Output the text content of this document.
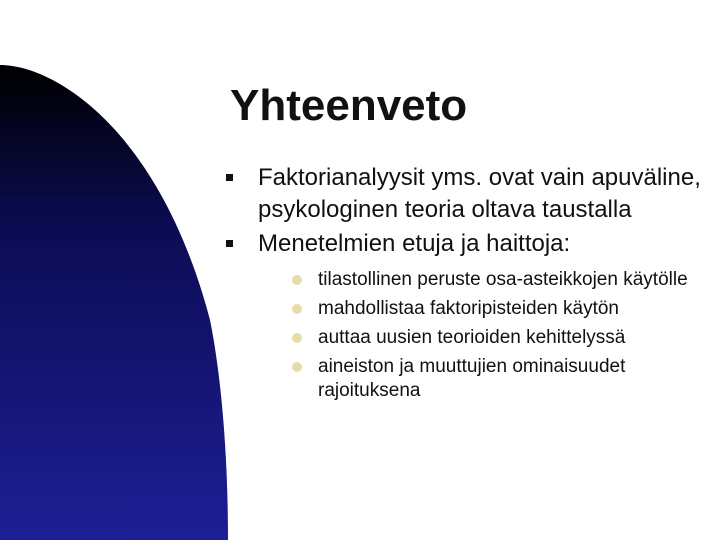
Yhteenveto
Faktorianalyysit yms. ovat vain apuväline, psykologinen teoria oltava taustalla
Menetelmien etuja ja haittoja:
tilastollinen peruste osa-asteikkojen käytölle
mahdollistaa faktoripisteiden käytön
auttaa uusien teorioiden kehittelyssä
aineiston ja muuttujien ominaisuudet rajoituksena
